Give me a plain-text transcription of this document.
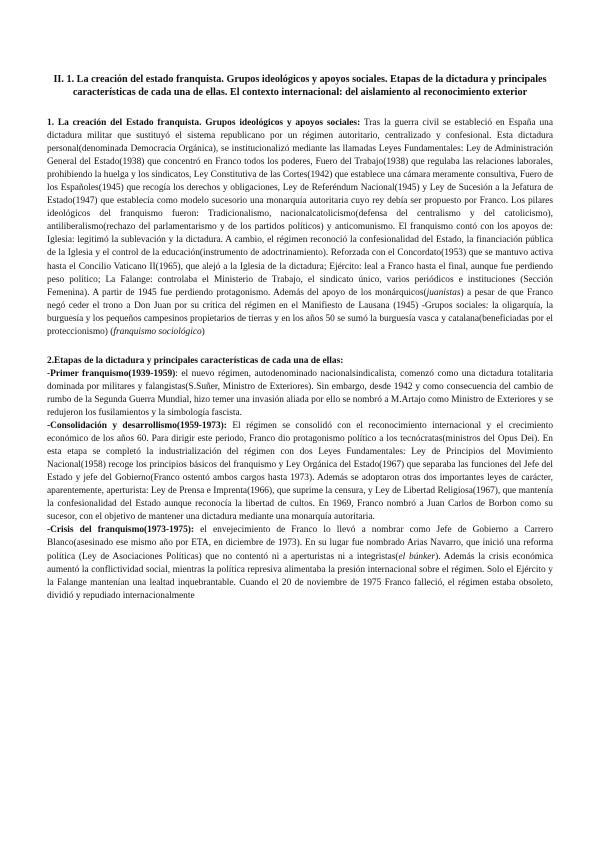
II. 1. La creación del estado franquista. Grupos ideológicos y apoyos sociales. Etapas de la dictadura y principales características de cada una de ellas. El contexto internacional: del aislamiento al reconocimiento exterior

1. La creación del Estado franquista. Grupos ideológicos y apoyos sociales: Tras la guerra civil se estableció en España una dictadura militar que sustituyó el sistema republicano por un régimen autoritario, centralizado y confesional. Esta dictadura personal(denominada Democracia Orgánica), se institucionalizó mediante las llamadas Leyes Fundamentales: Ley de Administración General del Estado(1938) que concentró en Franco todos los poderes, Fuero del Trabajo(1938) que regulaba las relaciones laborales, prohibiendo la huelga y los sindicatos, Ley Constitutiva de las Cortes(1942) que establece una cámara meramente consultiva, Fuero de los Españoles(1945) que recogía los derechos y obligaciones, Ley de Referéndum Nacional(1945) y Ley de Sucesión a la Jefatura de Estado(1947) que establecía como modelo sucesorio una monarquía autoritaria cuyo rey debía ser propuesto por Franco. Los pilares ideológicos del franquismo fueron: Tradicionalismo, nacionalcatolicismo(defensa del centralismo y del catolicismo), antiliberalismo(rechazo del parlamentarismo y de los partidos políticos) y anticomunismo. El franquismo contó con los apoyos de: Iglesia: legitimó la sublevación y la dictadura. A cambio, el régimen reconoció la confesionalidad del Estado, la financiación pública de la Iglesia y el control de la educación(instrumento de adoctrinamiento). Reforzada con el Concordato(1953) que se mantuvo activa hasta el Concilio Vaticano II(1965), que alejó a la Iglesia de la dictadura; Ejército: leal a Franco hasta el final, aunque fue perdiendo peso político; La Falange: controlaba el Ministerio de Trabajo, el sindicato único, varios periódicos e instituciones (Sección Femenina). A partir de 1945 fue perdiendo protagonismo. Además del apoyo de los monárquicos(juanistas) a pesar de que Franco negó ceder el trono a Don Juan por su crítica del régimen en el Manifiesto de Lausana (1945) -Grupos sociales: la oligarquía, la burguesía y los pequeños campesinos propietarios de tierras y en los años 50 se sumó la burguesía vasca y catalana(beneficiadas por el proteccionismo) (franquismo sociológico)

2.Etapas de la dictadura y principales características de cada una de ellas:

-Primer franquismo(1939-1959): el nuevo régimen, autodenominado nacionalsindicalista, comenzó como una dictadura totalitaria dominada por militares y falangistas(S.Suñer, Ministro de Exteriores). Sin embargo, desde 1942 y como consecuencia del cambio de rumbo de la Segunda Guerra Mundial, hizo temer una invasión aliada por ello se nombró a M.Artajo como Ministro de Exteriores y se redujeron los fusilamientos y la simbología fascista.

-Consolidación y desarrollismo(1959-1973): El régimen se consolidó con el reconocimiento internacional y el crecimiento económico de los años 60. Para dirigir este periodo, Franco dio protagonismo político a los tecnócratas(ministros del Opus Dei). En esta etapa se completó la industrialización del régimen con dos Leyes Fundamentales: Ley de Principios del Movimiento Nacional(1958) recoge los principios básicos del franquismo y Ley Orgánica del Estado(1967) que separaba las funciones del Jefe del Estado y jefe del Gobierno(Franco ostentó ambos cargos hasta 1973). Además se adoptaron otras dos importantes leyes de carácter, aparentemente, aperturista: Ley de Prensa e Imprenta(1966), que suprime la censura, y Ley de Libertad Religiosa(1967), que mantenía la confesionalidad del Estado aunque reconocía la libertad de cultos. En 1969, Franco nombró a Juan Carlos de Borbon como su sucesor, con el objetivo de mantener una dictadura mediante una monarquía autoritaria.

-Crisis del franquismo(1973-1975): el envejecimiento de Franco lo llevó a nombrar como Jefe de Gobierno a Carrero Blanco(asesinado ese mismo año por ETA, en diciembre de 1973). En su lugar fue nombrado Arias Navarro, que inició una reforma política (Ley de Asociaciones Políticas) que no contentó ni a aperturistas ni a integristas(el búnker). Además la crisis económica aumentó la conflictividad social, mientras la política represiva alimentaba la presión internacional sobre el régimen. Solo el Ejército y la Falange mantenían una lealtad inquebrantable. Cuando el 20 de noviembre de 1975 Franco falleció, el régimen estaba obsoleto, dividió y repudiado internacionalmente
